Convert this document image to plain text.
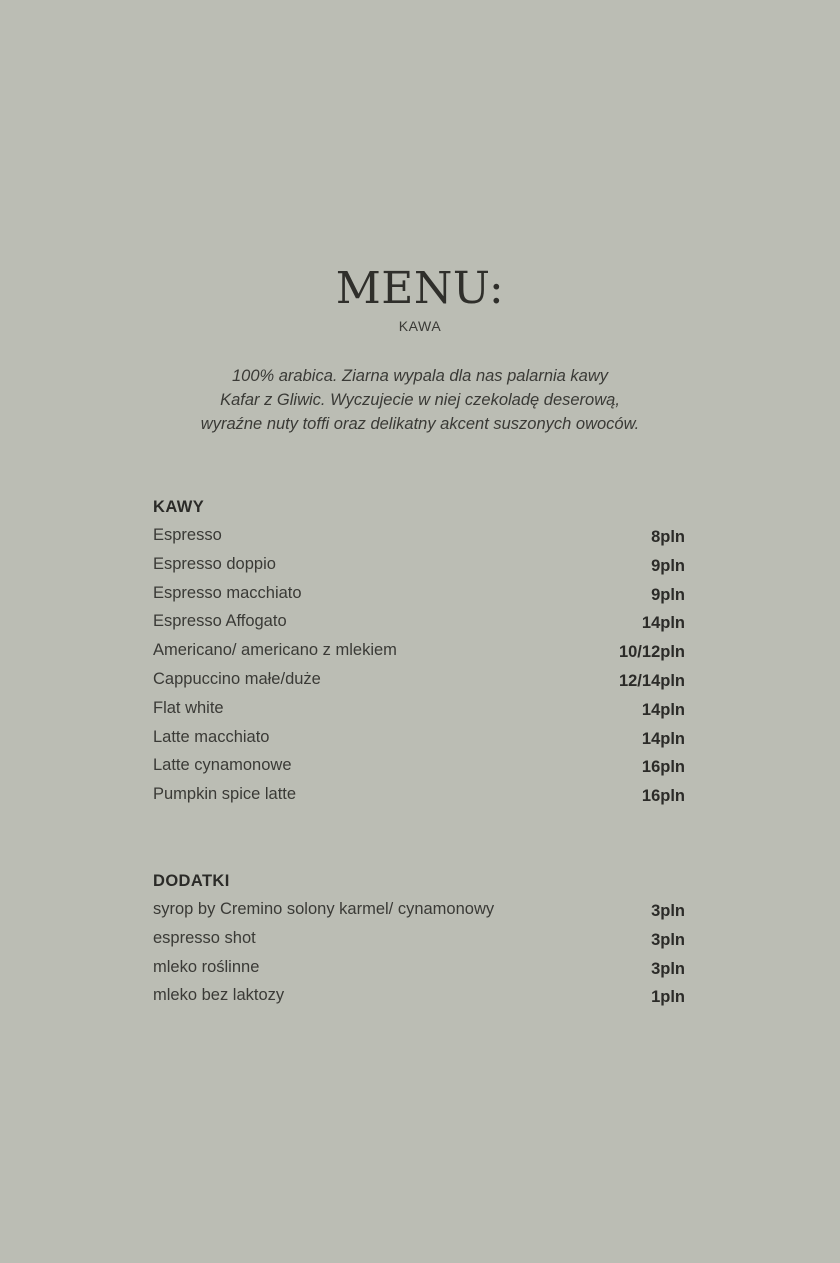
MENU:
KAWA
100% arabica. Ziarna wypala dla nas palarnia kawy
Kafar z Gliwic. Wyczujecie w niej czekoladę deserową,
wyraźne nuty toffi oraz delikatny akcent suszonych owoców.
KAWY
Espresso	8pln
Espresso doppio	9pln
Espresso macchiato	9pln
Espresso Affogato	14pln
Americano/ americano z mlekiem	10/12pln
Cappuccino małe/duże	12/14pln
Flat white	14pln
Latte macchiato	14pln
Latte cynamonowe	16pln
Pumpkin spice latte	16pln
DODATKI
syrop by Cremino solony karmel/ cynamonowy	3pln
espresso shot	3pln
mleko roślinne	3pln
mleko bez laktozy	1pln
